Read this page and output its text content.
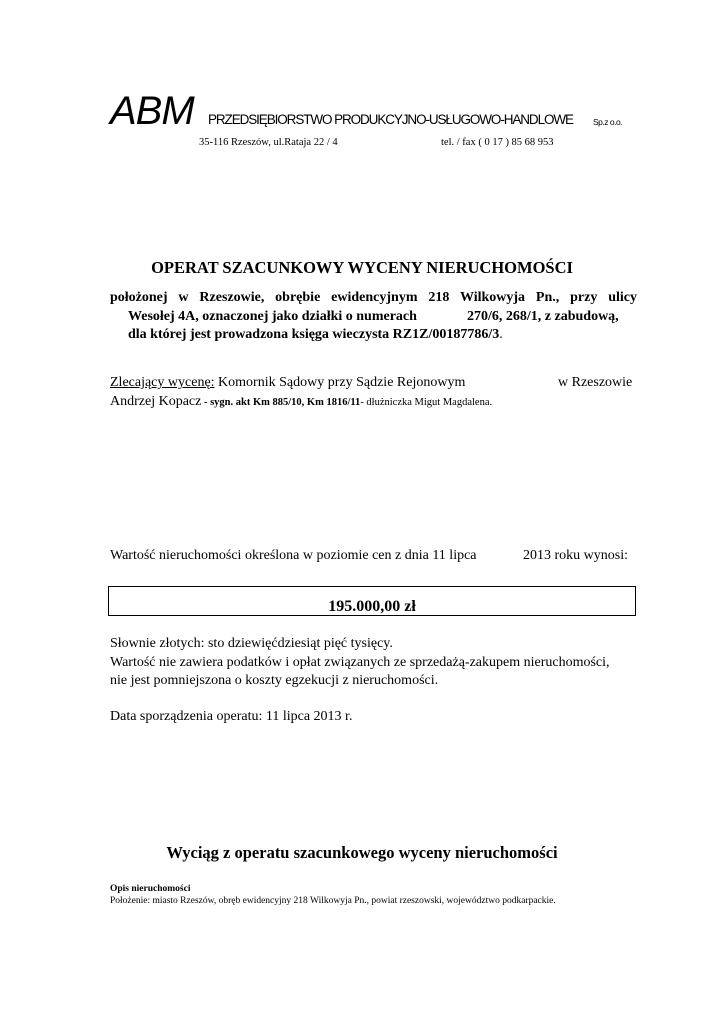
ABM PRZEDSIĘBIORSTWO PRODUKCYJNO-USŁUGOWO-HANDLOWE Sp.z o.o.
35-116 Rzeszów, ul.Rataja 22 / 4	tel. / fax ( 0 17 ) 85 68 953
OPERAT SZACUNKOWY WYCENY NIERUCHOMOŚCI
położonej w Rzeszowie, obrębie ewidencyjnym 218 Wilkowyja Pn., przy ulicy
Wesołej 4A, oznaczonej jako działki o numerach	270/6, 268/1, z zabudową,
dla której jest prowadzona księga wieczysta RZ1Z/00187786/3.
Zlecający wycenę: Komornik Sądowy przy Sądzie Rejonowym	w Rzeszowie
Andrzej Kopacz - sygn. akt Km 885/10, Km 1816/11- dłużniczka Migut Magdalena.
Wartość nieruchomości określona w poziomie cen z dnia 11 lipca	2013 roku wynosi:
195.000,00 zł
Słownie złotych: sto dziewięćdziesiąt pięć tysięcy.
Wartość nie zawiera podatków i opłat związanych ze sprzedażą-zakupem nieruchomości,
nie jest pomniejszona o koszty egzekucji z nieruchomości.
Data sporządzenia operatu: 11 lipca 2013 r.
Wyciąg z operatu szacunkowego wyceny nieruchomości
Opis nieruchomości
Położenie: miasto Rzeszów, obręb ewidencyjny 218 Wilkowyja Pn., powiat rzeszowski, województwo podkarpackie.
